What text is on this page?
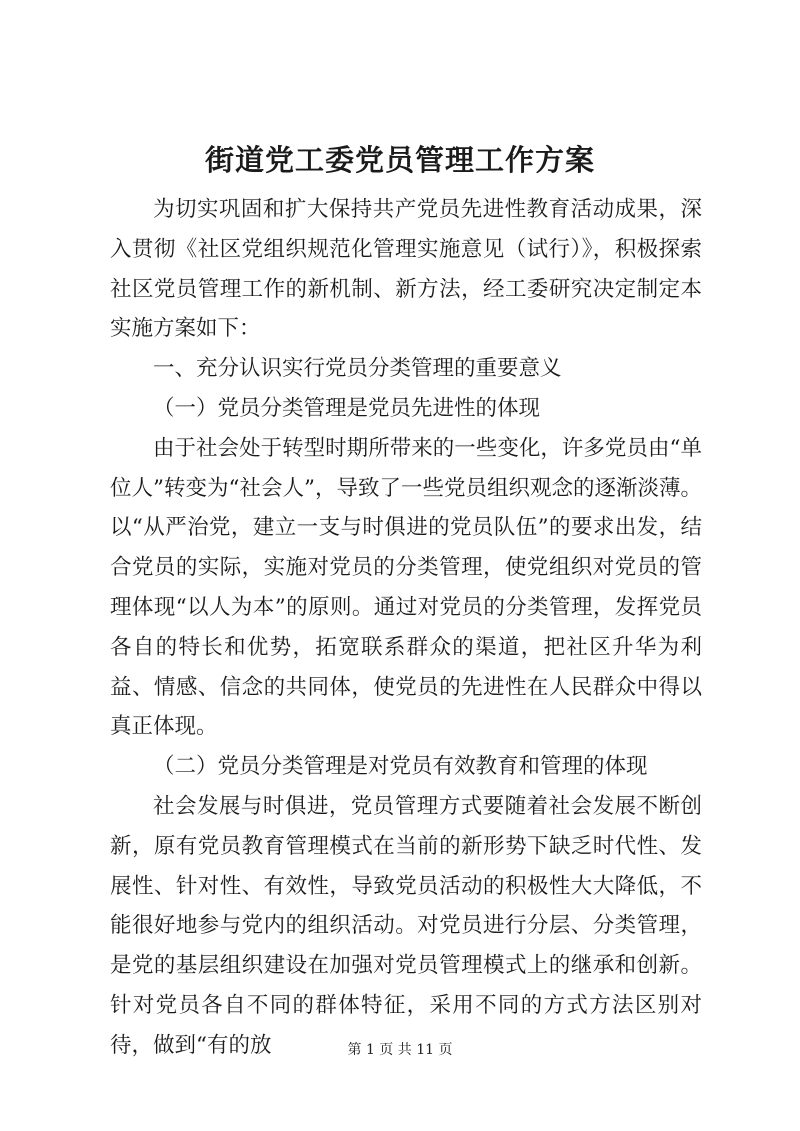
街道党工委党员管理工作方案

为切实巩固和扩大保持共产党员先进性教育活动成果，深入贯彻《社区党组织规范化管理实施意见（试行）》，积极探索社区党员管理工作的新机制、新方法，经工委研究决定制定本实施方案如下：

一、充分认识实行党员分类管理的重要意义

（一）党员分类管理是党员先进性的体现

由于社会处于转型时期所带来的一些变化，许多党员由“单位人”转变为“社会人”，导致了一些党员组织观念的逐渐淡薄。以“从严治党，建立一支与时俱进的党员队伍”的要求出发，结合党员的实际，实施对党员的分类管理，使党组织对党员的管理体现“以人为本”的原则。通过对党员的分类管理，发挥党员各自的特长和优势，拓宽联系群众的渠道，把社区升华为利益、情感、信念的共同体，使党员的先进性在人民群众中得以真正体现。

（二）党员分类管理是对党员有效教育和管理的体现

社会发展与时俱进，党员管理方式要随着社会发展不断创新，原有党员教育管理模式在当前的新形势下缺乏时代性、发展性、针对性、有效性，导致党员活动的积极性大大降低，不能很好地参与党内的组织活动。对党员进行分层、分类管理，是党的基层组织建设在加强对党员管理模式上的继承和创新。针对党员各自不同的群体特征，采用不同的方式方法区别对待，做到“有的放	第 1 页 共 11 页
